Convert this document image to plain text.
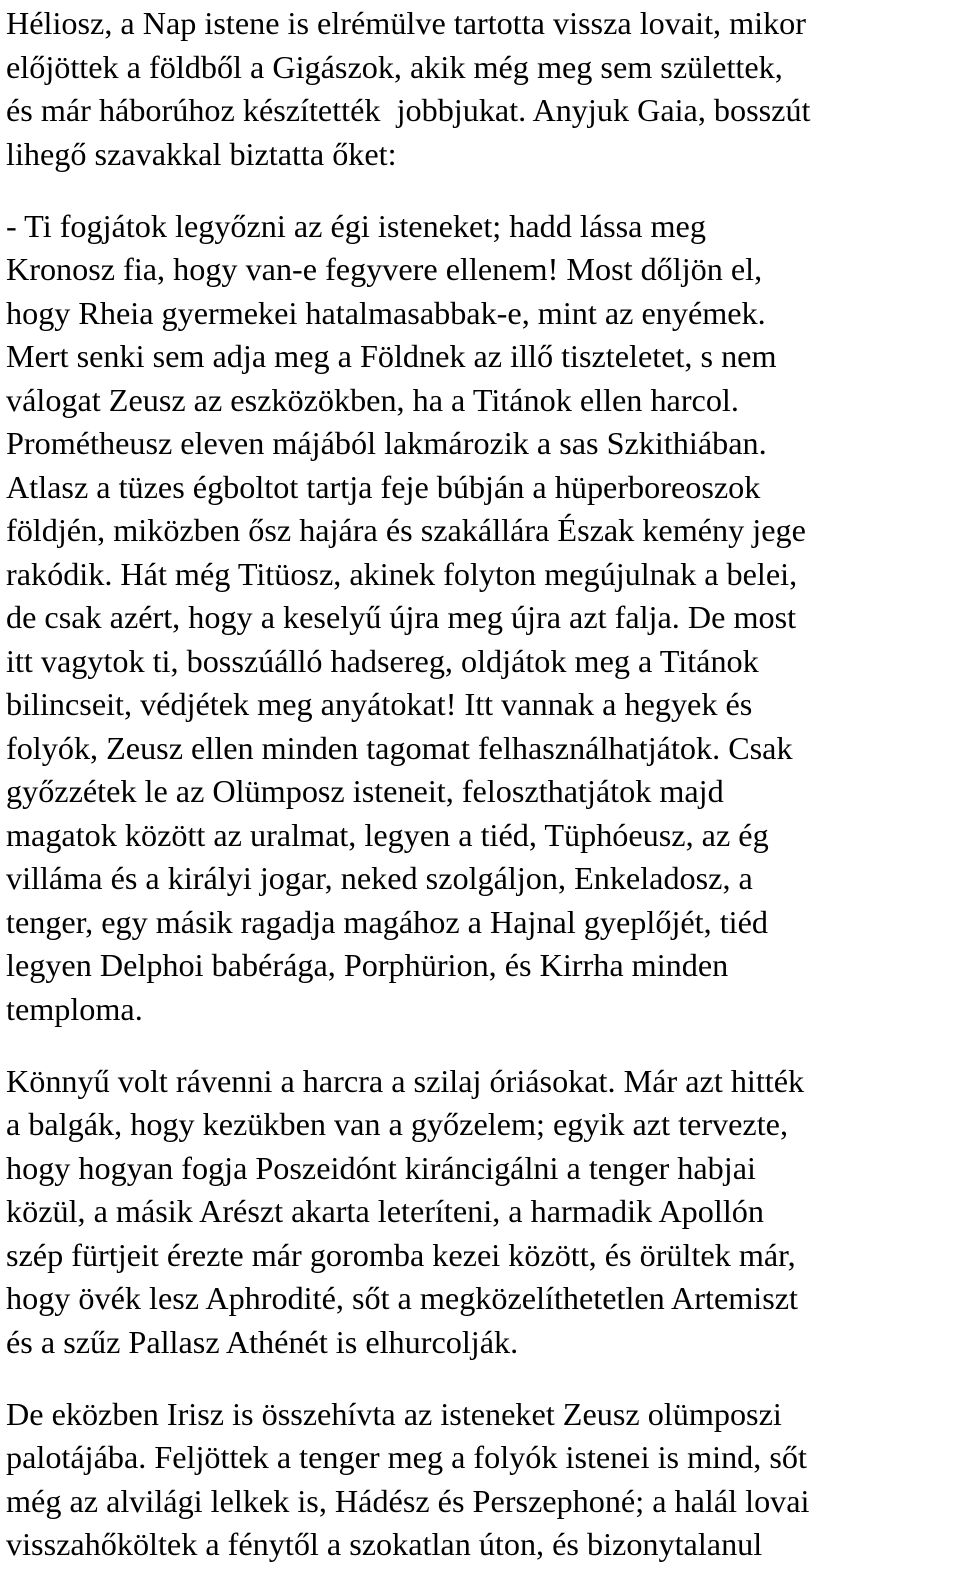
Héliosz, a Nap istene is elrémülve tartotta vissza lovait, mikor
előjöttek a földből a Gigászok, akik még meg sem születtek,
és már háborúhoz készítették  jobbjukat. Anyjuk Gaia, bosszút
lihegő szavakkal biztatta őket:
- Ti fogjátok legyőzni az égi isteneket; hadd lássa meg
Kronosz fia, hogy van-e fegyvere ellenem! Most dőljön el,
hogy Rheia gyermekei hatalmasabbak-e, mint az enyémek.
Mert senki sem adja meg a Földnek az illő tiszteletet, s nem
válogat Zeusz az eszközökben, ha a Titánok ellen harcol.
Prométheusz eleven májából lakmározik a sas Szkithiában.
Atlasz a tüzes égboltot tartja feje búbján a hüperboreoszok
földjén, miközben ősz hajára és szakállára Észak kemény jege
rakódik. Hát még Titüosz, akinek folyton megújulnak a belei,
de csak azért, hogy a keselyű újra meg újra azt falja. De most
itt vagytok ti, bosszúálló hadsereg, oldjátok meg a Titánok
bilincseit, védjétek meg anyátokat! Itt vannak a hegyek és
folyók, Zeusz ellen minden tagomat felhasználhatjátok. Csak
győzzétek le az Olümposz isteneit, feloszthatjátok majd
magatok között az uralmat, legyen a tiéd, Tüphóeusz, az ég
villáma és a királyi jogar, neked szolgáljon, Enkeladosz, a
tenger, egy másik ragadja magához a Hajnal gyeplőjét, tiéd
legyen Delphoi babérága, Porphürion, és Kirrha minden
temploma.
Könnyű volt rávenni a harcra a szilaj óriásokat. Már azt hitték
a balgák, hogy kezükben van a győzelem; egyik azt tervezte,
hogy hogyan fogja Poszeidónt kiráncigálni a tenger habjai
közül, a másik Arészt akarta leteríteni, a harmadik Apollón
szép fürtjeit érezte már goromba kezei között, és örültek már,
hogy övék lesz Aphrodité, sőt a megközelíthetetlen Artemiszt
és a szűz Pallasz Athénét is elhurcolják.
De eközben Irisz is összehívta az isteneket Zeusz olümposzi
palotájába. Feljöttek a tenger meg a folyók istenei is mind, sőt
még az alvilági lelkek is, Hádész és Perszephoné; a halál lovai
visszahőköltek a fénytől a szokatlan úton, és bizonytalanul
